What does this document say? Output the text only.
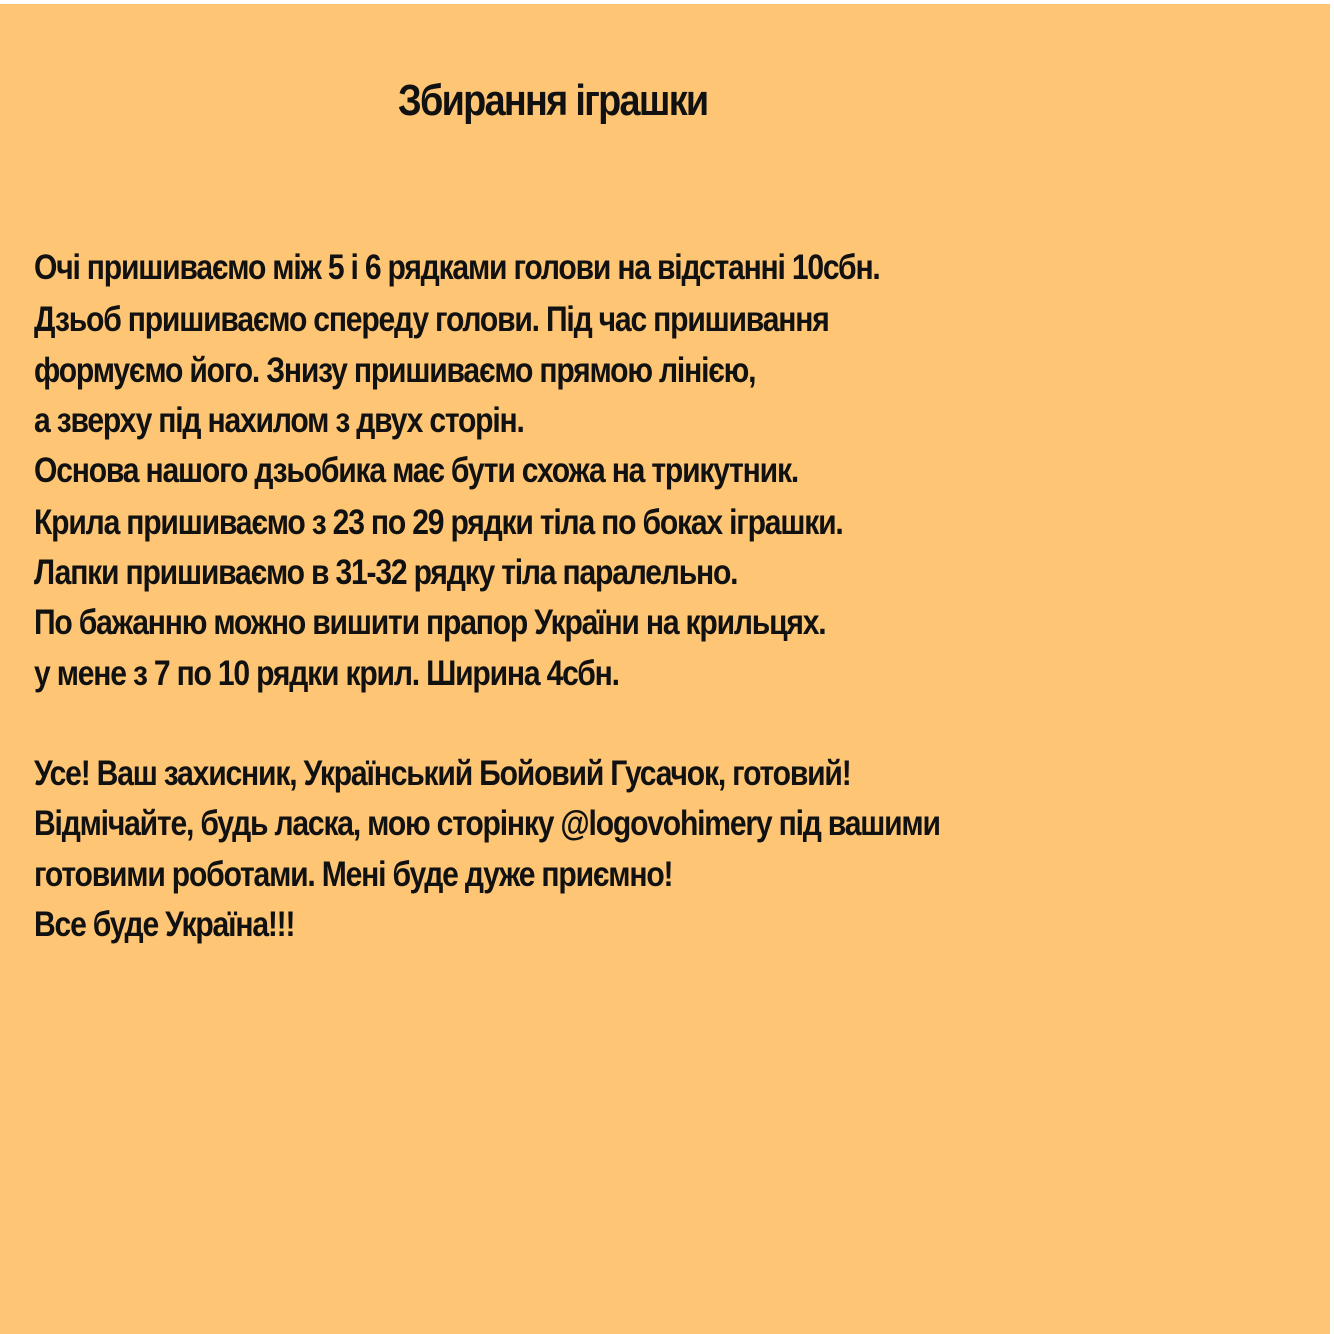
Збирання іграшки
Очі пришиваємо між 5 і 6 рядками голови на відстанні 10сбн.
Дзьоб пришиваємо спереду голови. Під час пришивання
формуємо його. Знизу пришиваємо прямою лінією,
а зверху під нахилом з двух сторін.
Основа нашого дзьобика має бути схожа на трикутник.
Крила пришиваємо з 23 по 29 рядки тіла по боках іграшки.
Лапки пришиваємо в 31-32 рядку тіла паралельно.
По бажанню можно вишити прапор України на крильцях.
у мене з 7 по 10 рядки крил. Ширина 4сбн.
Усе! Ваш захисник, Український Бойовий Гусачок, готовий!
Відмічайте, будь ласка, мою сторінку @logovohimery під вашими
готовими роботами. Мені буде дуже приємно!
Все буде Україна!!!
